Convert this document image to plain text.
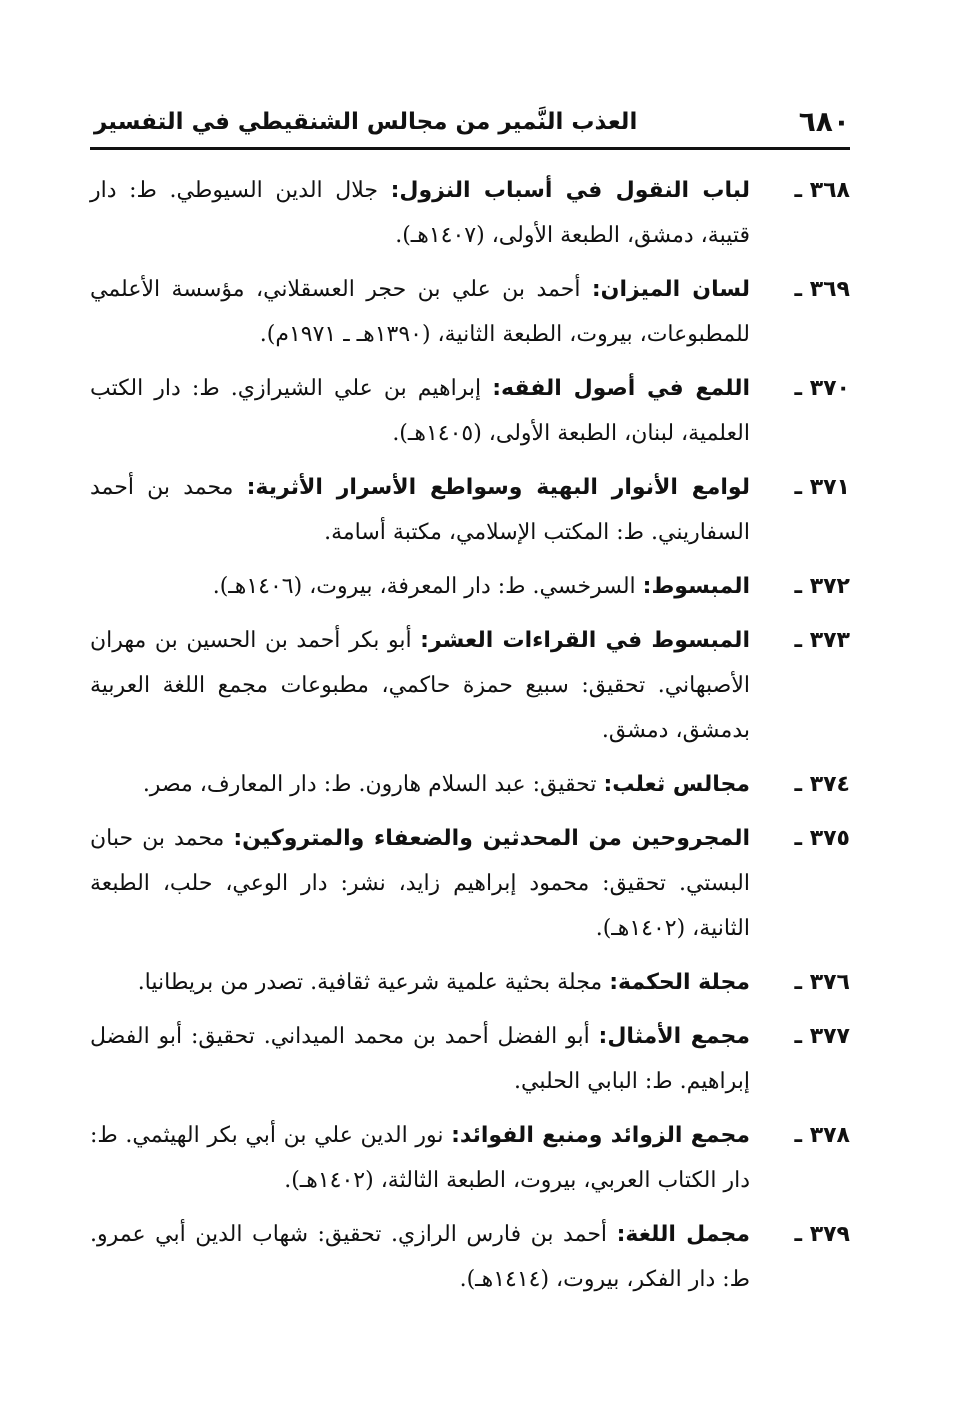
٦٨٠
العذب النَّمير من مجالس الشنقيطي في التفسير
٣٦٨ ـ
لباب النقول في أسباب النزول: جلال الدين السيوطي. ط: دار قتيبة، دمشق، الطبعة الأولى، (١٤٠٧هـ).
٣٦٩ ـ
لسان الميزان: أحمد بن علي بن حجر العسقلاني، مؤسسة الأعلمي للمطبوعات، بيروت، الطبعة الثانية، (١٣٩٠هـ ـ ١٩٧١م).
٣٧٠ ـ
اللمع في أصول الفقه: إبراهيم بن علي الشيرازي. ط: دار الكتب العلمية، لبنان، الطبعة الأولى، (١٤٠٥هـ).
٣٧١ ـ
لوامع الأنوار البهية وسواطع الأسرار الأثرية: محمد بن أحمد السفاريني. ط: المكتب الإسلامي، مكتبة أسامة.
٣٧٢ ـ
المبسوط: السرخسي. ط: دار المعرفة، بيروت، (١٤٠٦هـ).
٣٧٣ ـ
المبسوط في القراءات العشر: أبو بكر أحمد بن الحسين بن مهران الأصبهاني. تحقيق: سبيع حمزة حاكمي، مطبوعات مجمع اللغة العربية بدمشق، دمشق.
٣٧٤ ـ
مجالس ثعلب: تحقيق: عبد السلام هارون. ط: دار المعارف، مصر.
٣٧٥ ـ
المجروحين من المحدثين والضعفاء والمتروكين: محمد بن حبان البستي. تحقيق: محمود إبراهيم زايد، نشر: دار الوعي، حلب، الطبعة الثانية، (١٤٠٢هـ).
٣٧٦ ـ
مجلة الحكمة: مجلة بحثية علمية شرعية ثقافية. تصدر من بريطانيا.
٣٧٧ ـ
مجمع الأمثال: أبو الفضل أحمد بن محمد الميداني. تحقيق: أبو الفضل إبراهيم. ط: البابي الحلبي.
٣٧٨ ـ
مجمع الزوائد ومنبع الفوائد: نور الدين علي بن أبي بكر الهيثمي. ط: دار الكتاب العربي، بيروت، الطبعة الثالثة، (١٤٠٢هـ).
٣٧٩ ـ
مجمل اللغة: أحمد بن فارس الرازي. تحقيق: شهاب الدين أبي عمرو. ط: دار الفكر، بيروت، (١٤١٤هـ).
